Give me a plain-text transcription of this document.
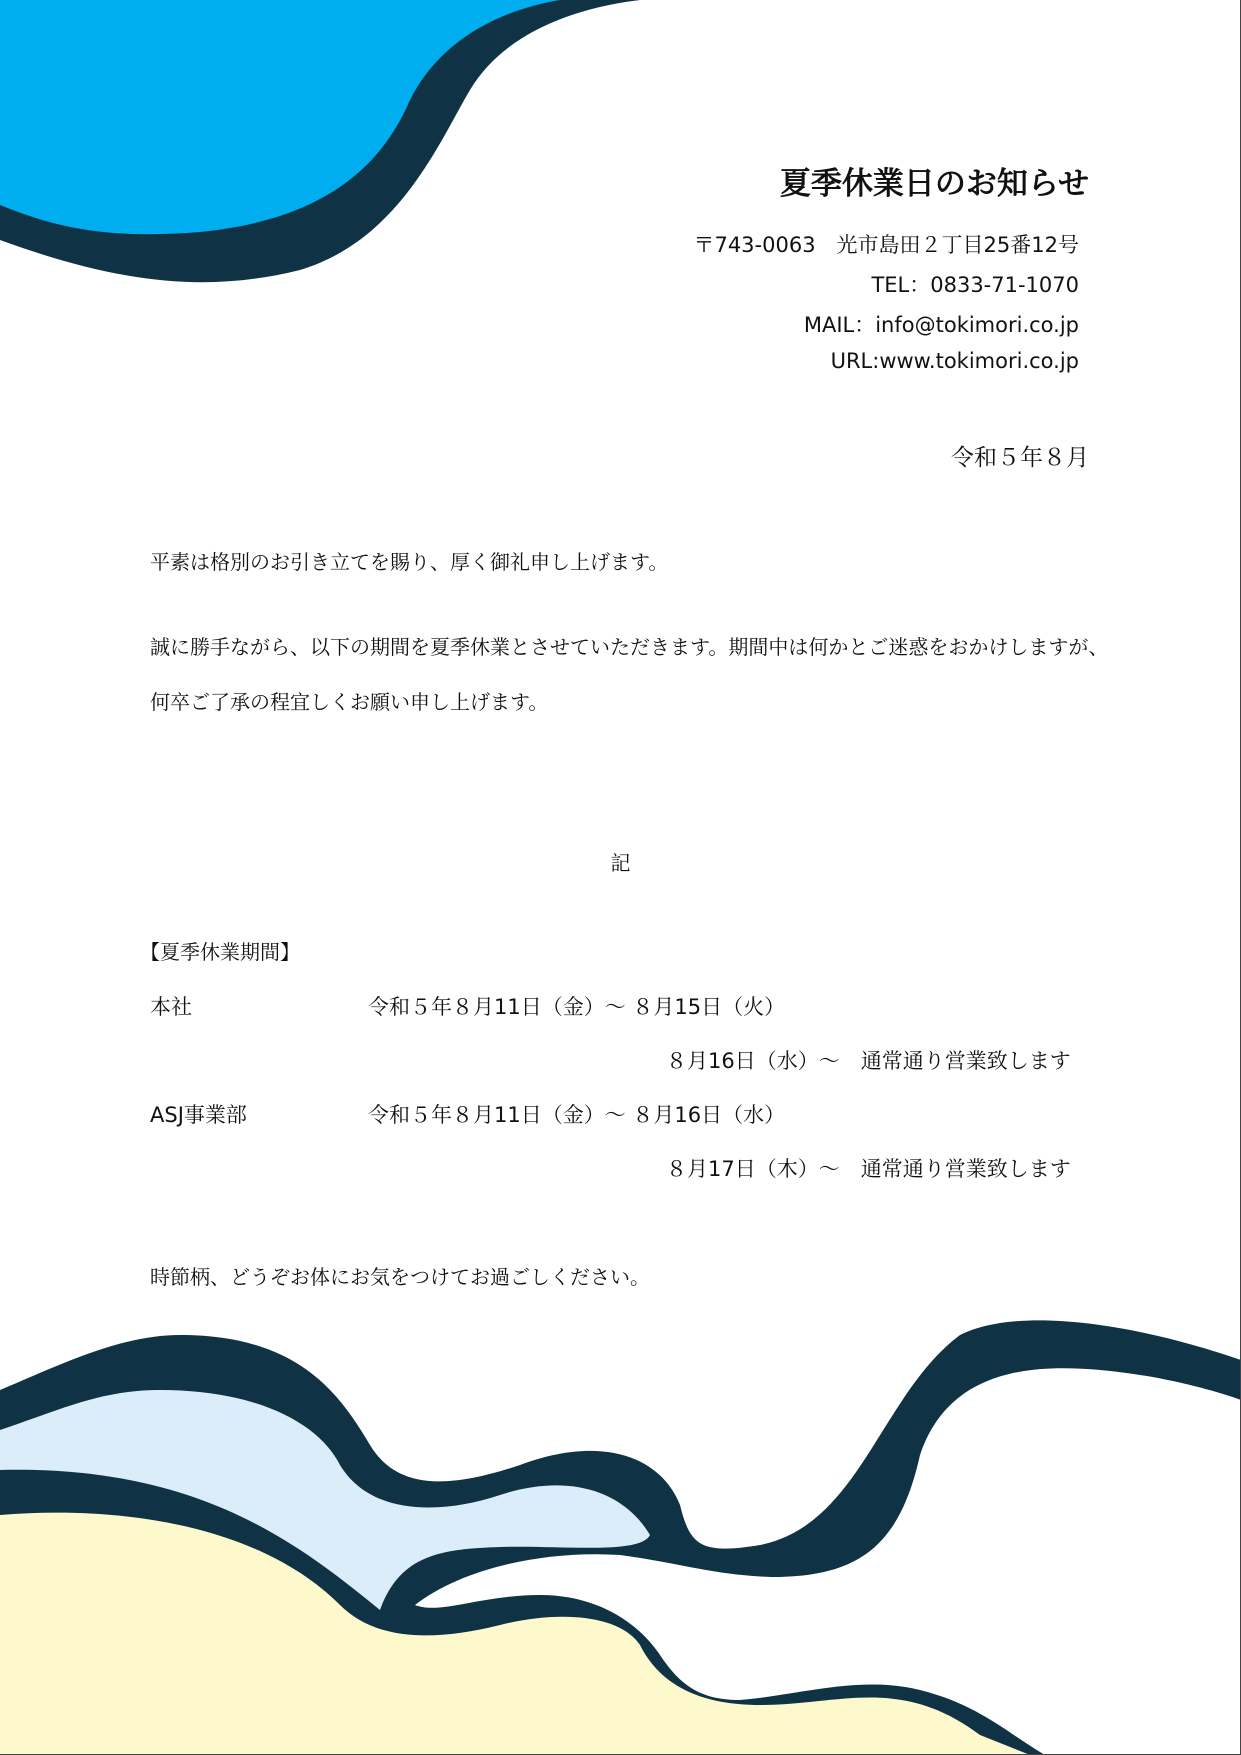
夏季休業日のお知らせ
〒743-0063　光市島田２丁目25番12号
TEL：0833-71-1070
MAIL：info@tokimori.co.jp
URL:www.tokimori.co.jp
令和５年８月
平素は格別のお引き立てを賜り、厚く御礼申し上げます。
誠に勝手ながら、以下の期間を夏季休業とさせていただきます。期間中は何かとご迷惑をおかけしますが、
何卒ご了承の程宜しくお願い申し上げます。
記
【夏季休業期間】
本社	令和５年８月11日（金）～ ８月15日（火）
８月16日（水）～　通常通り営業致します
ASJ事業部	令和５年８月11日（金）～ ８月16日（水）
８月17日（木）～　通常通り営業致します
時節柄、どうぞお体にお気をつけてお過ごしください。
